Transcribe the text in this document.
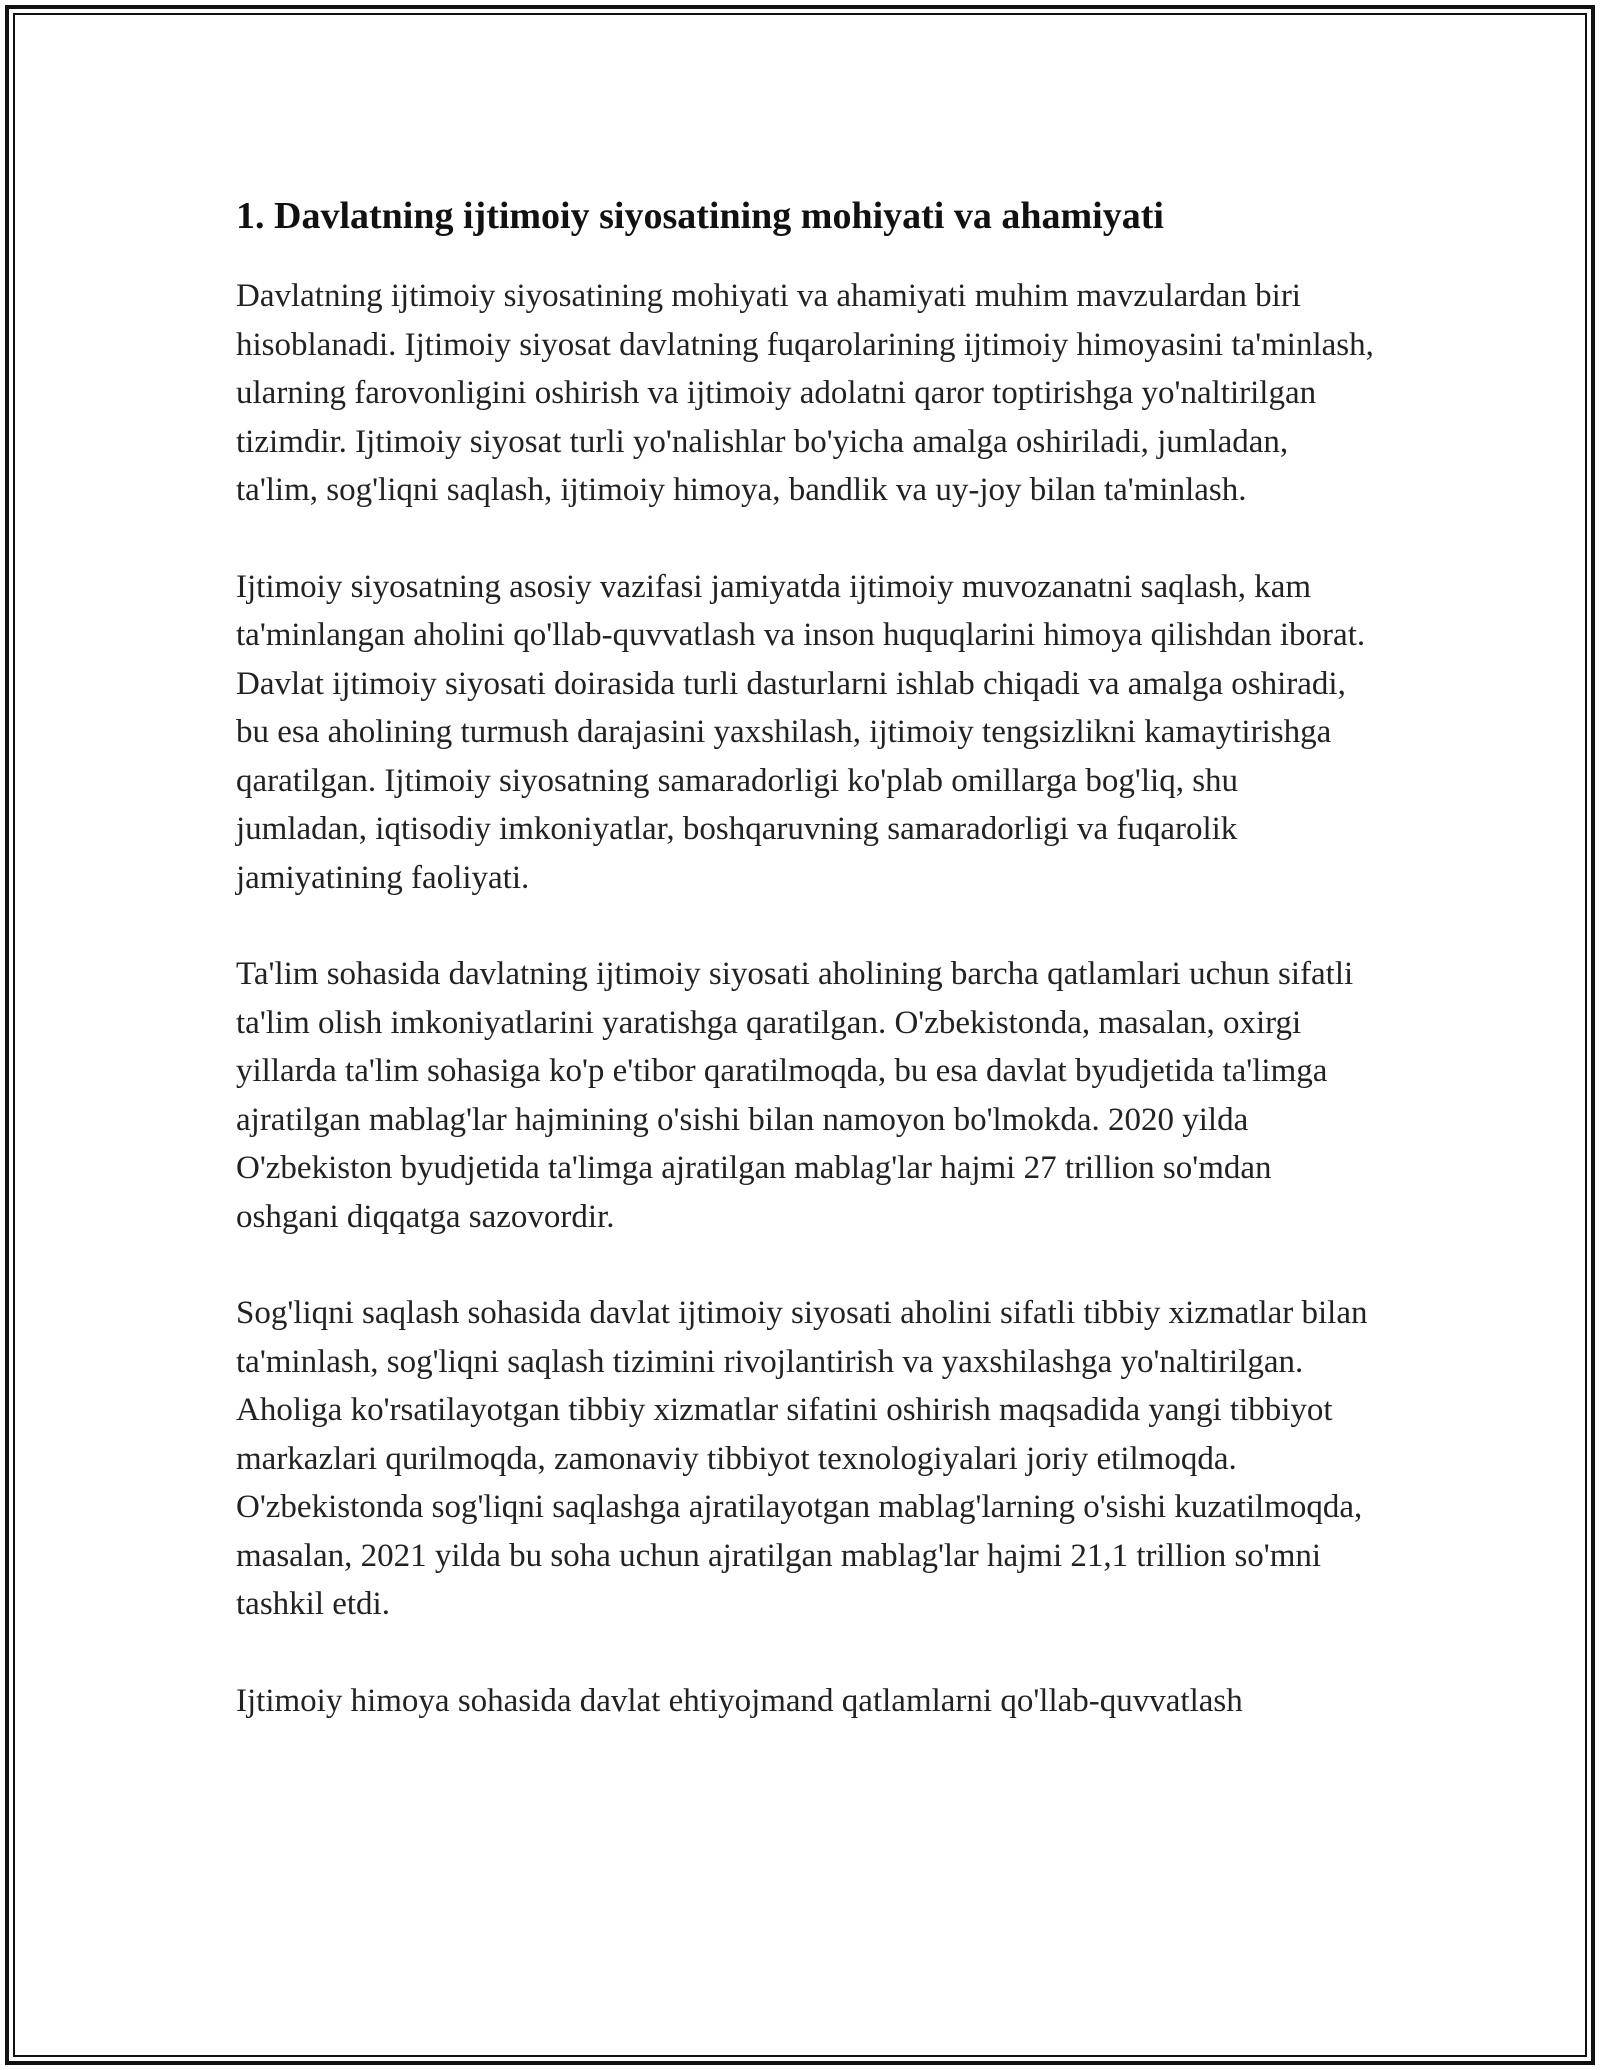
1. Davlatning ijtimoiy siyosatining mohiyati va ahamiyati

Davlatning ijtimoiy siyosatining mohiyati va ahamiyati muhim mavzulardan biri hisoblanadi. Ijtimoiy siyosat davlatning fuqarolarining ijtimoiy himoyasini ta'minlash, ularning farovonligini oshirish va ijtimoiy adolatni qaror toptirishga yo'naltirilgan tizimdir. Ijtimoiy siyosat turli yo'nalishlar bo'yicha amalga oshiriladi, jumladan, ta'lim, sog'liqni saqlash, ijtimoiy himoya, bandlik va uy-joy bilan ta'minlash.

Ijtimoiy siyosatning asosiy vazifasi jamiyatda ijtimoiy muvozanatni saqlash, kam ta'minlangan aholini qo'llab-quvvatlash va inson huquqlarini himoya qilishdan iborat. Davlat ijtimoiy siyosati doirasida turli dasturlarni ishlab chiqadi va amalga oshiradi, bu esa aholining turmush darajasini yaxshilash, ijtimoiy tengsizlikni kamaytirishga qaratilgan. Ijtimoiy siyosatning samaradorligi ko'plab omillarga bog'liq, shu jumladan, iqtisodiy imkoniyatlar, boshqaruvning samaradorligi va fuqarolik jamiyatining faoliyati.

Ta'lim sohasida davlatning ijtimoiy siyosati aholining barcha qatlamlari uchun sifatli ta'lim olish imkoniyatlarini yaratishga qaratilgan. O'zbekistonda, masalan, oxirgi yillarda ta'lim sohasiga ko'p e'tibor qaratilmoqda, bu esa davlat byudjetida ta'limga ajratilgan mablag'lar hajmining o'sishi bilan namoyon bo'lmokda. 2020 yilda O'zbekiston byudjetida ta'limga ajratilgan mablag'lar hajmi 27 trillion so'mdan oshgani diqqatga sazovordir.

Sog'liqni saqlash sohasida davlat ijtimoiy siyosati aholini sifatli tibbiy xizmatlar bilan ta'minlash, sog'liqni saqlash tizimini rivojlantirish va yaxshilashga yo'naltirilgan. Aholiga ko'rsatilayotgan tibbiy xizmatlar sifatini oshirish maqsadida yangi tibbiyot markazlari qurilmoqda, zamonaviy tibbiyot texnologiyalari joriy etilmoqda. O'zbekistonda sog'liqni saqlashga ajratilayotgan mablag'larning o'sishi kuzatilmoqda, masalan, 2021 yilda bu soha uchun ajratilgan mablag'lar hajmi 21,1 trillion so'mni tashkil etdi.

Ijtimoiy himoya sohasida davlat ehtiyojmand qatlamlarni qo'llab-quvvatlash
